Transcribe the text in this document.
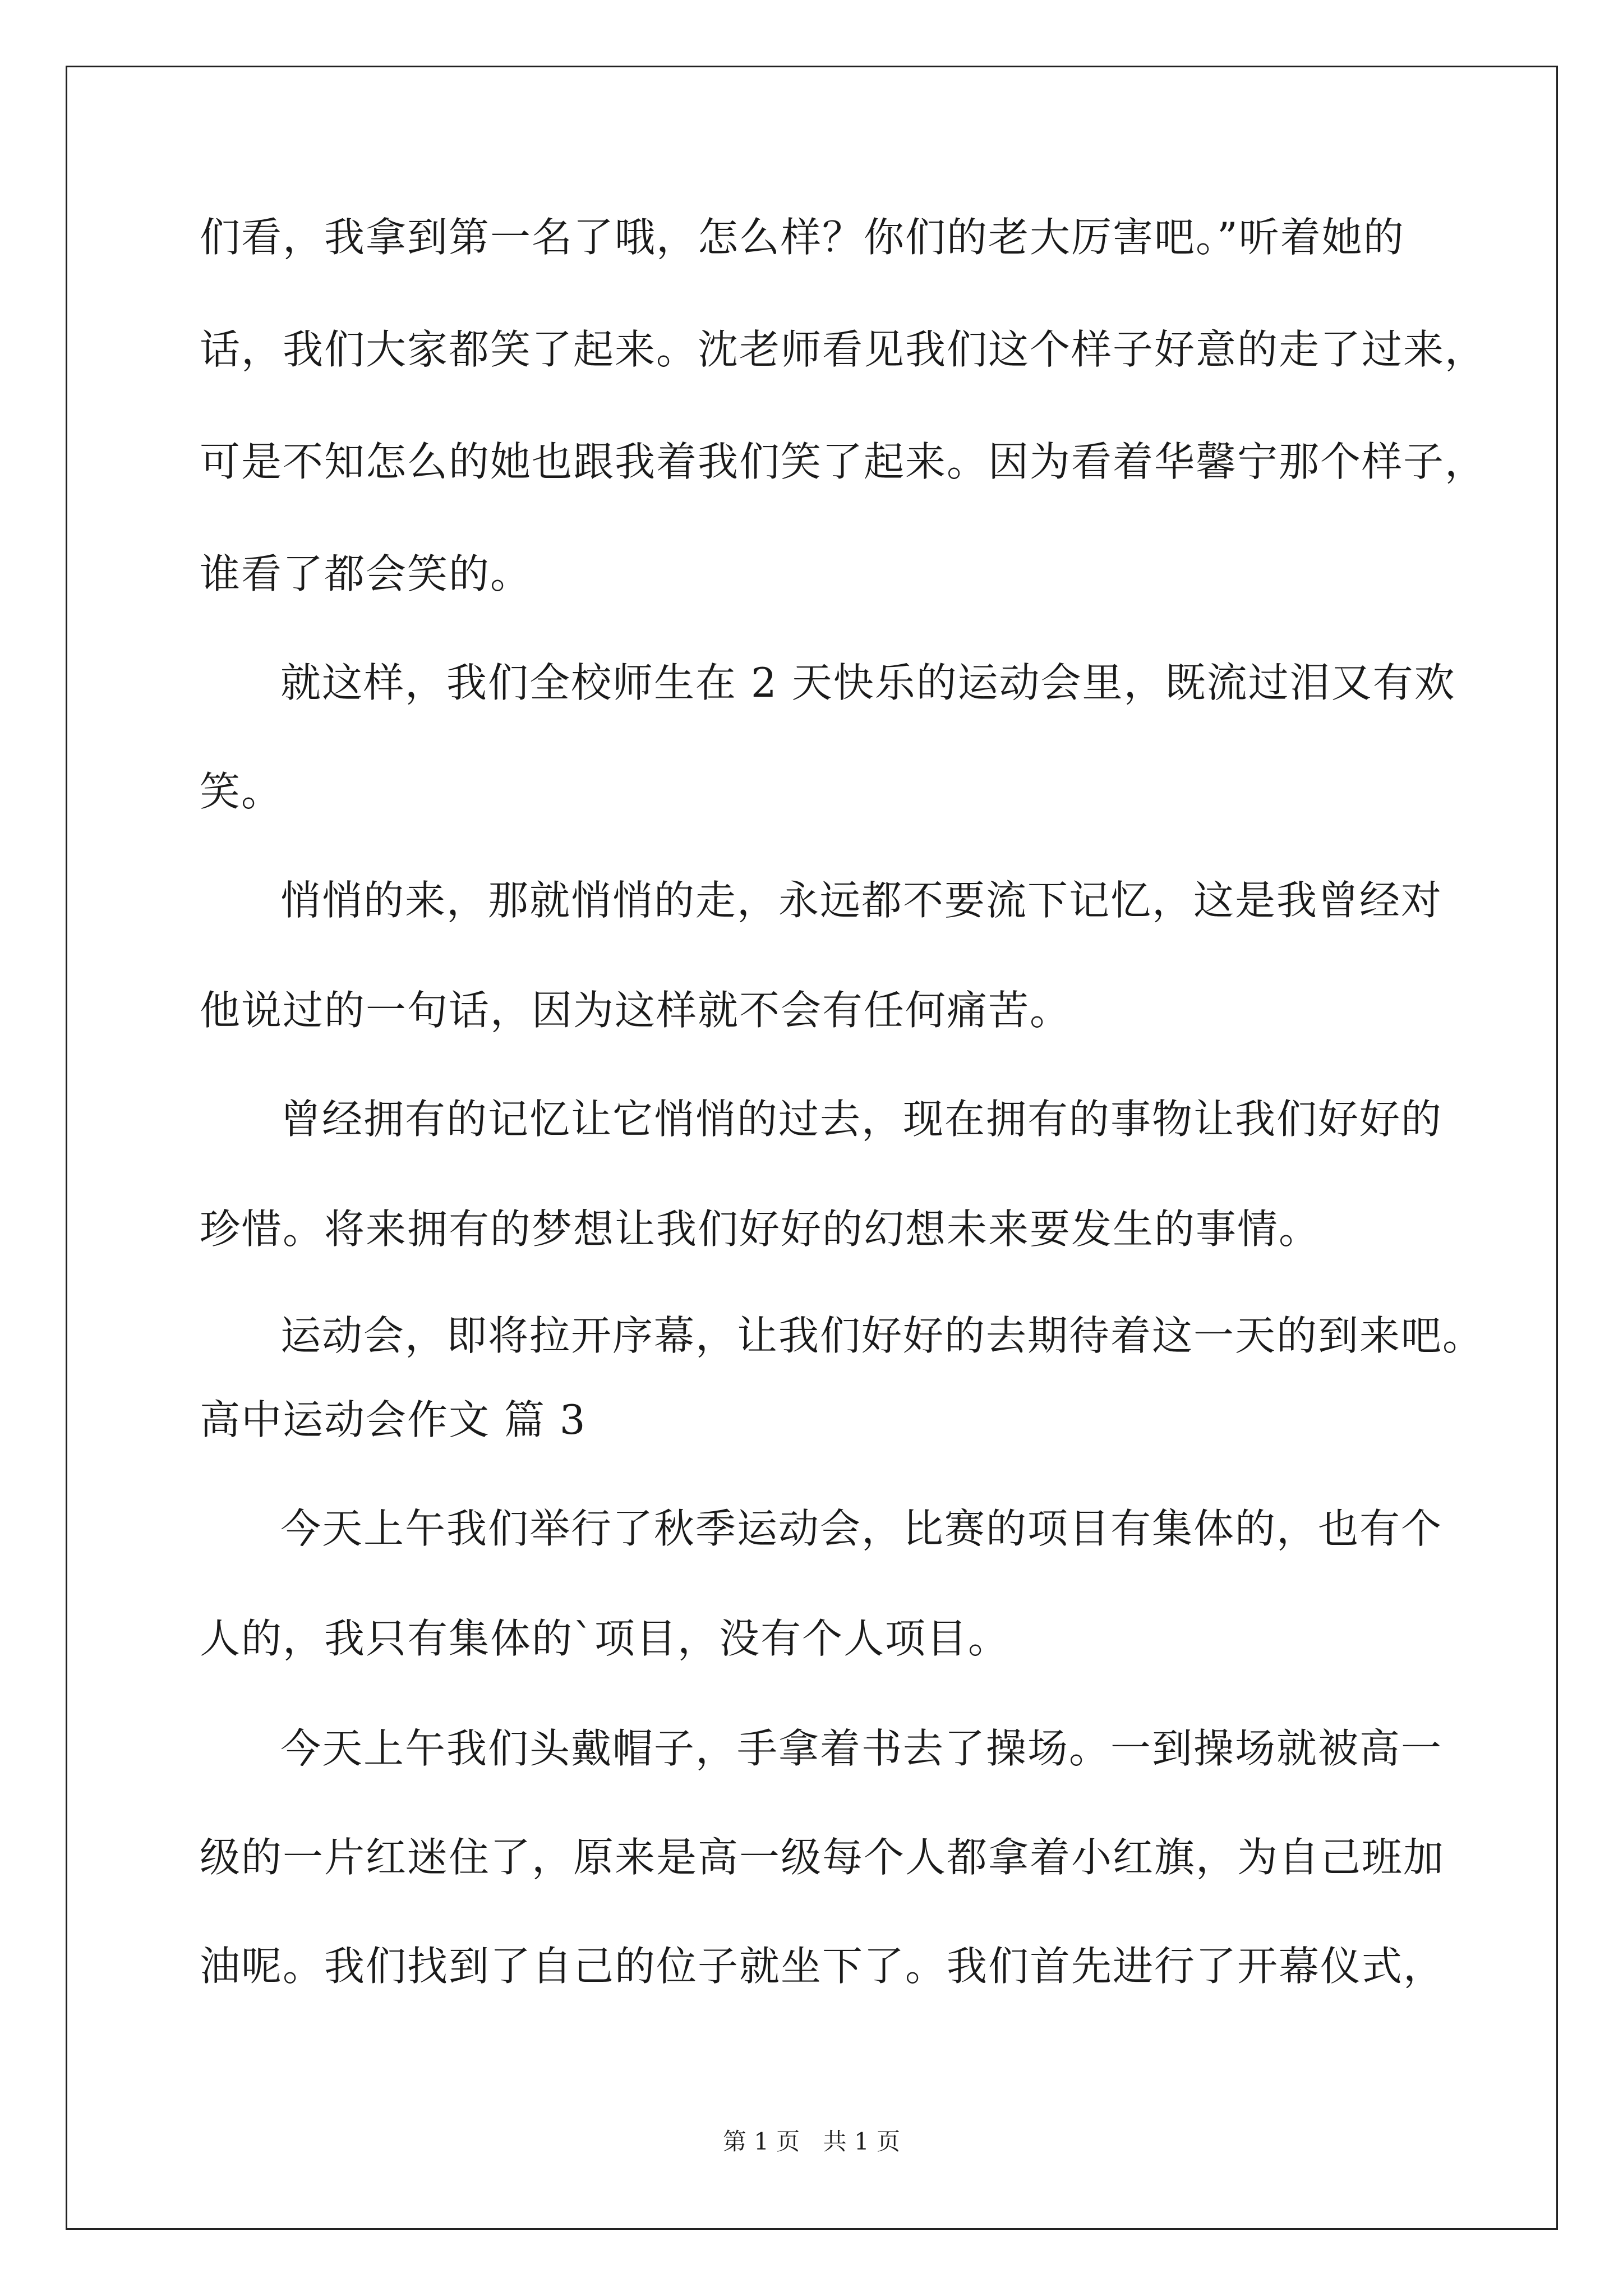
们看，我拿到第一名了哦，怎么样？你们的老大厉害吧。”听着她的
话，我们大家都笑了起来。沈老师看见我们这个样子好意的走了过来，
可是不知怎么的她也跟我着我们笑了起来。因为看着华馨宁那个样子，
谁看了都会笑的。
就这样，我们全校师生在 2 天快乐的运动会里，既流过泪又有欢
笑。
悄悄的来，那就悄悄的走，永远都不要流下记忆，这是我曾经对
他说过的一句话，因为这样就不会有任何痛苦。
曾经拥有的记忆让它悄悄的过去，现在拥有的事物让我们好好的
珍惜。将来拥有的梦想让我们好好的幻想未来要发生的事情。
运动会，即将拉开序幕，让我们好好的去期待着这一天的到来吧。
高中运动会作文 篇 3
今天上午我们举行了秋季运动会，比赛的项目有集体的，也有个
人的，我只有集体的`项目，没有个人项目。
今天上午我们头戴帽子，手拿着书去了操场。一到操场就被高一
级的一片红迷住了，原来是高一级每个人都拿着小红旗，为自己班加
油呢。我们找到了自己的位子就坐下了。我们首先进行了开幕仪式，
第 1 页 共 1 页
